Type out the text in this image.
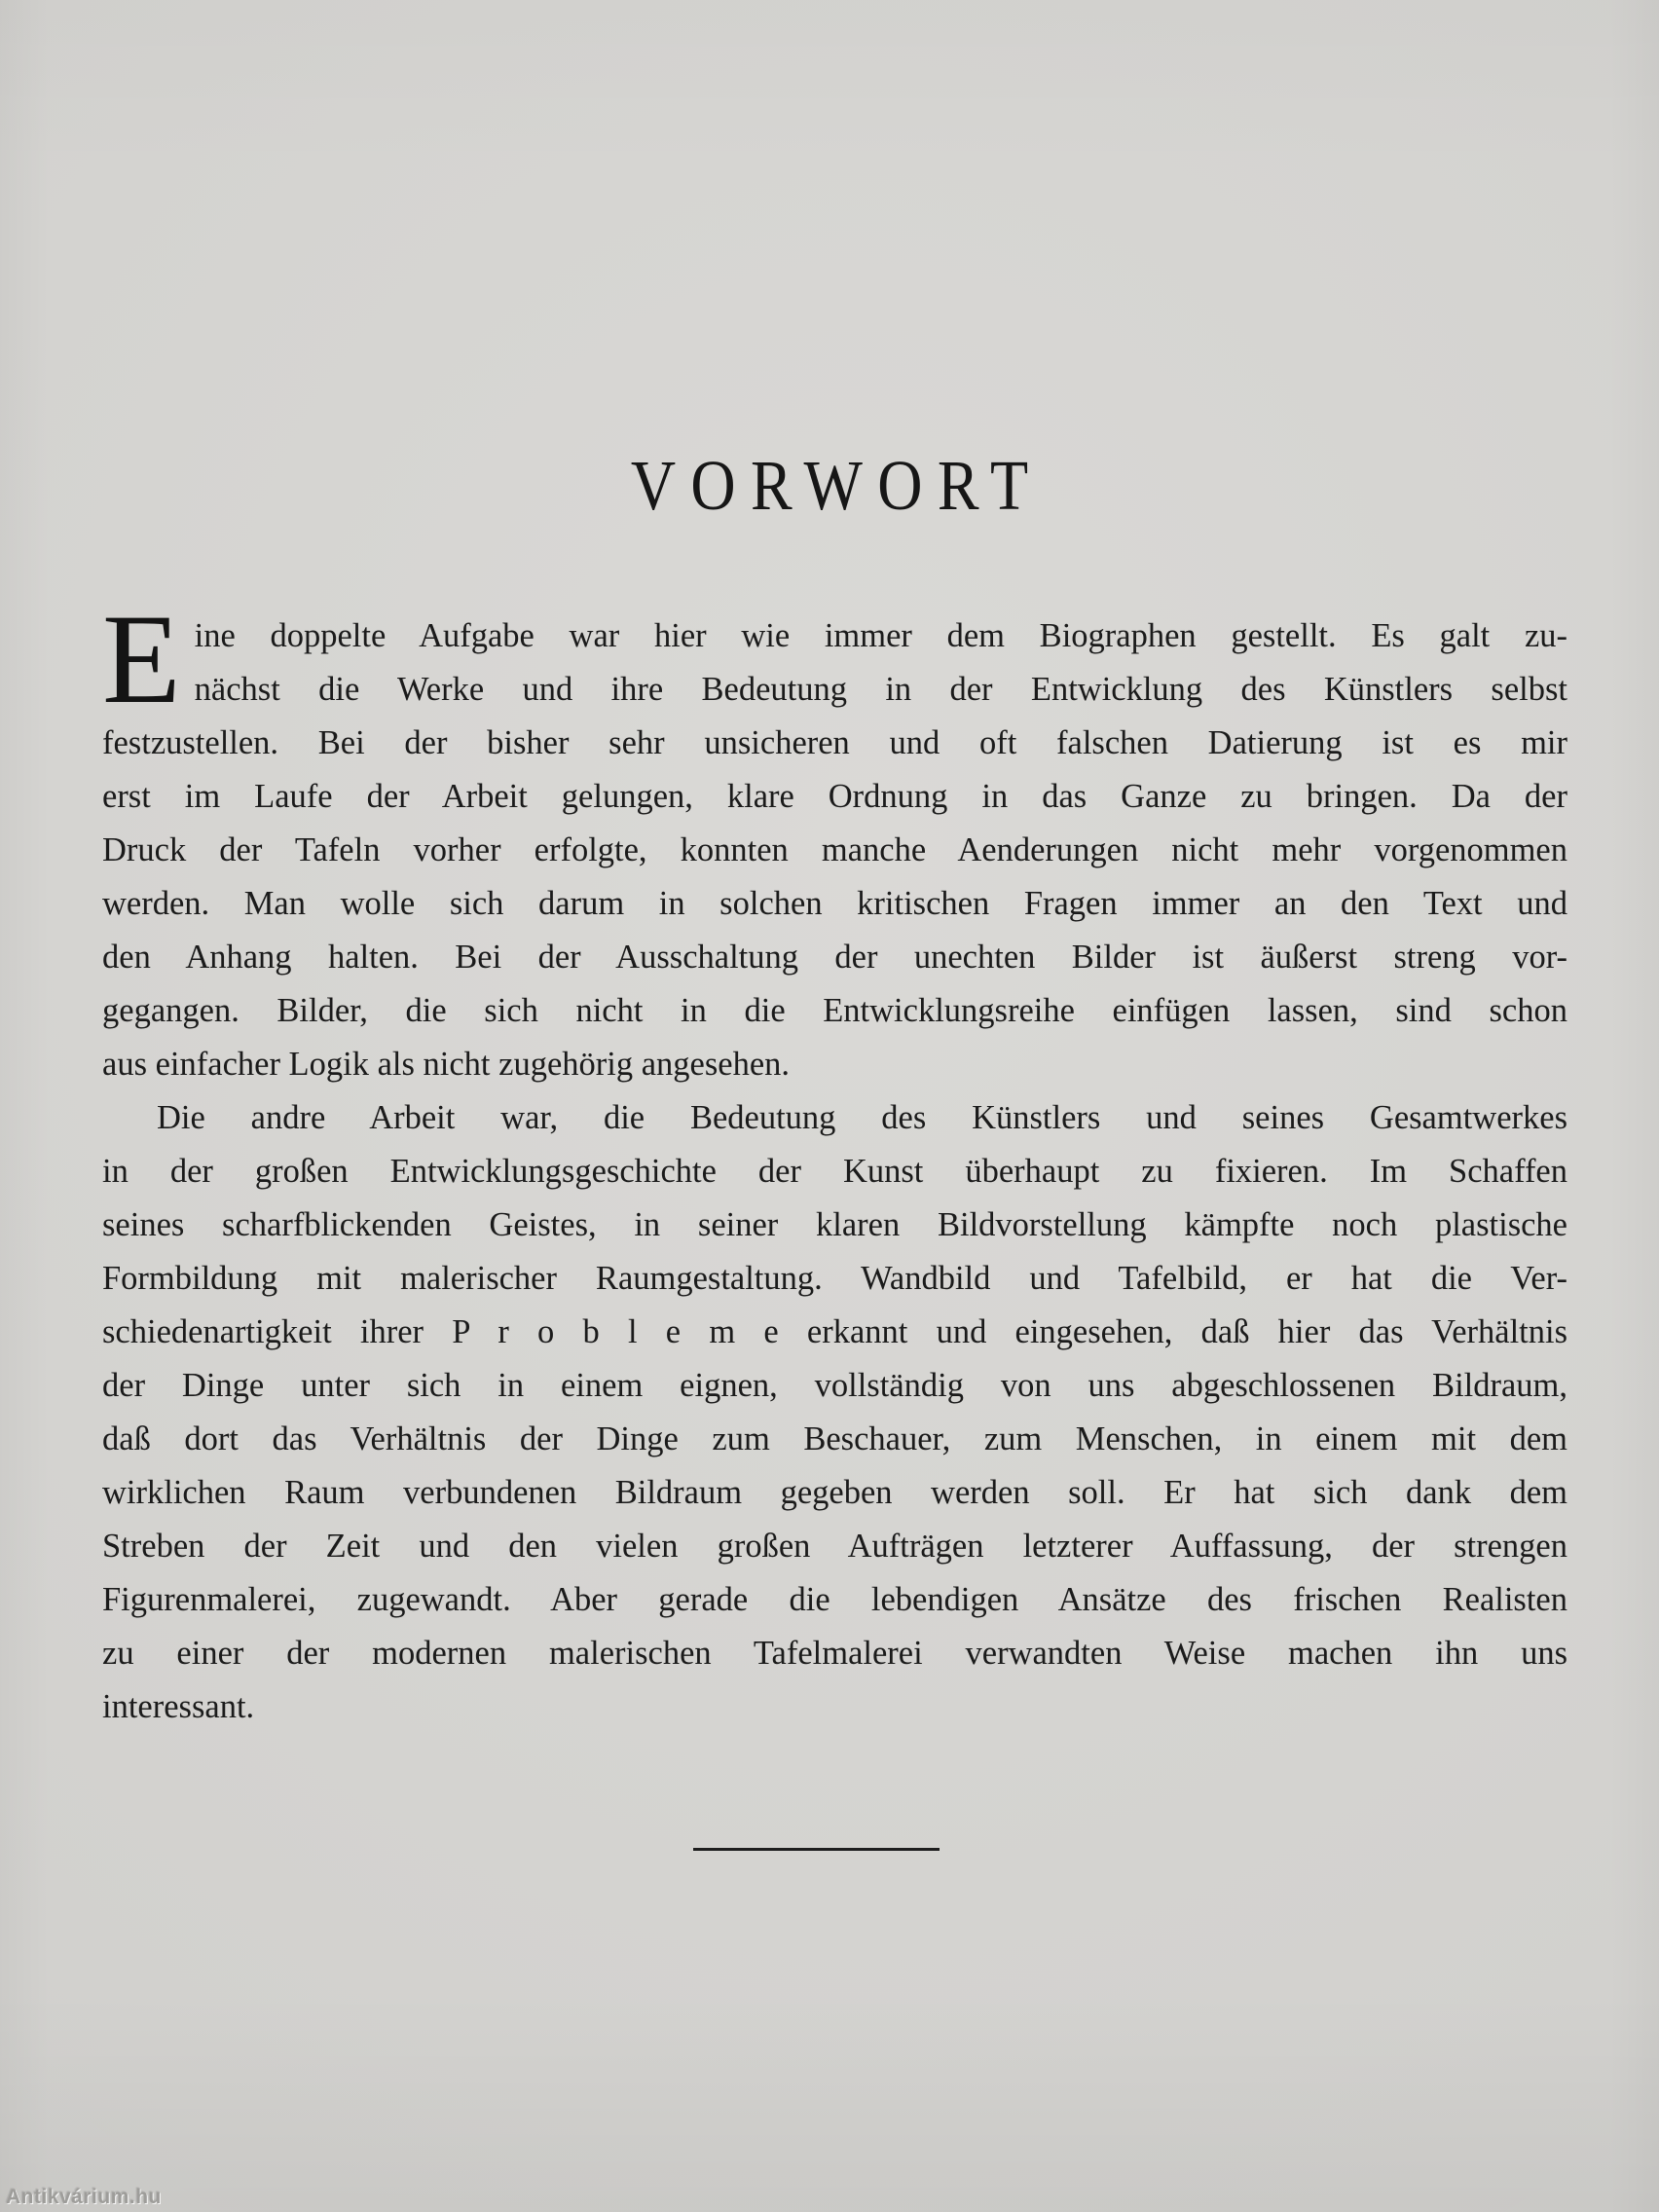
VORWORT
E ine doppelte Aufgabe war hier wie immer dem Biographen gestellt. Es galt zu-
nächst die Werke und ihre Bedeutung in der Entwicklung des Künstlers selbst
festzustellen. Bei der bisher sehr unsicheren und oft falschen Datierung ist es mir
erst im Laufe der Arbeit gelungen, klare Ordnung in das Ganze zu bringen. Da der
Druck der Tafeln vorher erfolgte, konnten manche Aenderungen nicht mehr vorgenommen
werden. Man wolle sich darum in solchen kritischen Fragen immer an den Text und
den Anhang halten. Bei der Ausschaltung der unechten Bilder ist äußerst streng vor-
gegangen. Bilder, die sich nicht in die Entwicklungsreihe einfügen lassen, sind schon
aus einfacher Logik als nicht zugehörig angesehen.
Die andre Arbeit war, die Bedeutung des Künstlers und seines Gesamtwerkes
in der großen Entwicklungsgeschichte der Kunst überhaupt zu fixieren. Im Schaffen
seines scharfblickenden Geistes, in seiner klaren Bildvorstellung kämpfte noch plastische
Formbildung mit malerischer Raumgestaltung. Wandbild und Tafelbild, er hat die Ver-
schiedenartigkeit ihrer P r o b l e m e erkannt und eingesehen, daß hier das Verhältnis
der Dinge unter sich in einem eignen, vollständig von uns abgeschlossenen Bildraum,
daß dort das Verhältnis der Dinge zum Beschauer, zum Menschen, in einem mit dem
wirklichen Raum verbundenen Bildraum gegeben werden soll. Er hat sich dank dem
Streben der Zeit und den vielen großen Aufträgen letzterer Auffassung, der strengen
Figurenmalerei, zugewandt. Aber gerade die lebendigen Ansätze des frischen Realisten
zu einer der modernen malerischen Tafelmalerei verwandten Weise machen ihn uns
interessant.
Antikvárium.hu
